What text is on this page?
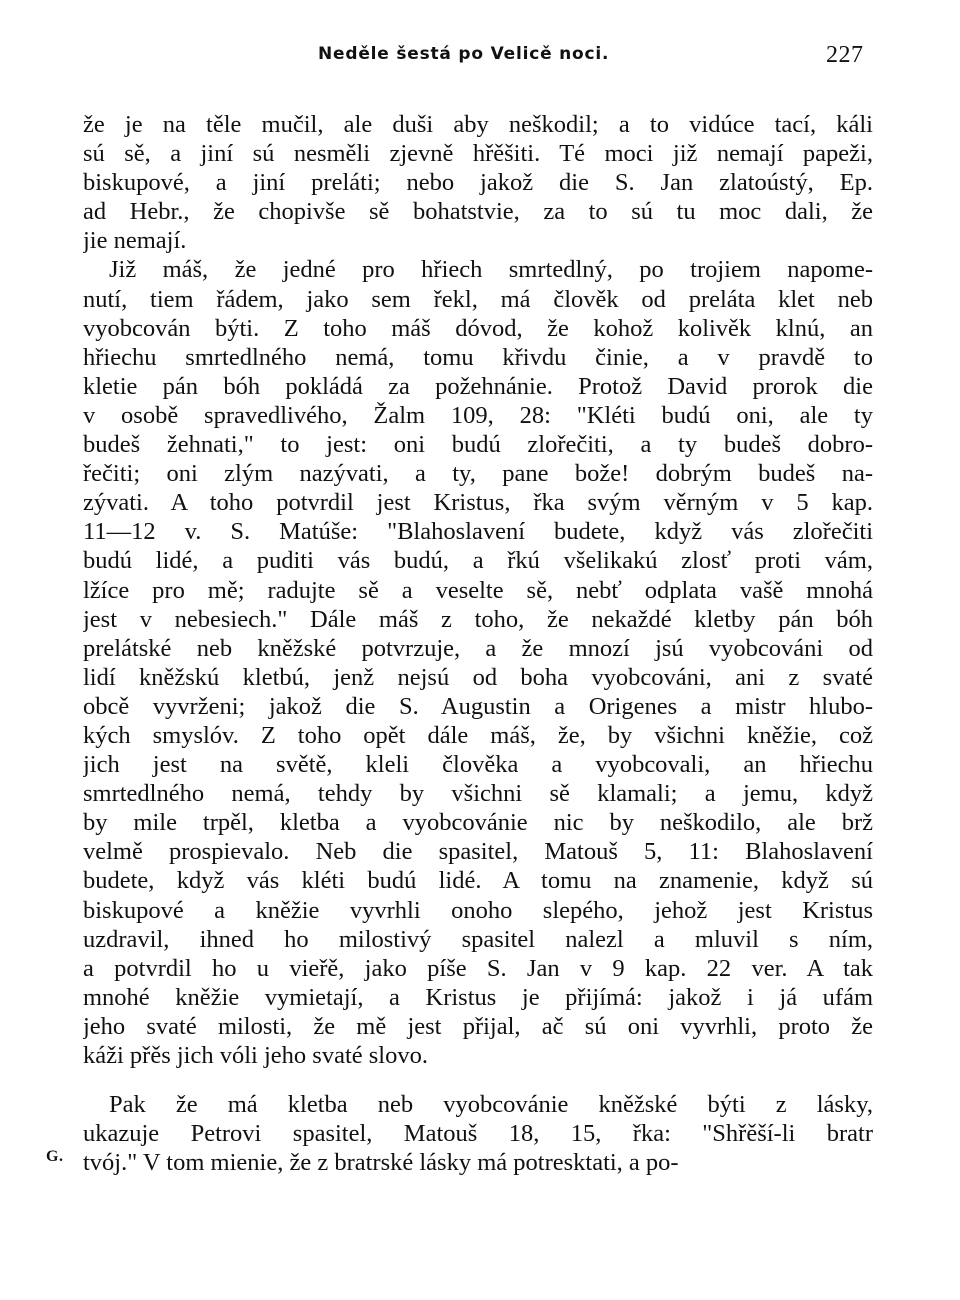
Neděle šestá po Velicě noci.	227
že je na těle mučil, ale duši aby neškodil; a to vidúce tací, káli
sú sě, a jiní sú nesměli zjevně hřěšiti. Té moci již nemají papeži,
biskupové, a jiní preláti; nebo jakož die S. Jan zlatoústý, Ep.
ad Hebr., že chopivše sě bohatstvie, za to sú tu moc dali, že
jie nemají.
Již máš, že jedné pro hřiech smrtedlný, po trojiem napome-
nutí, tiem řádem, jako sem řekl, má člověk od preláta klet neb
vyobcován býti. Z toho máš dóvod, že kohož kolivěk klnú, an
hřiechu smrtedlného nemá, tomu křivdu činie, a v pravdě to
kletie pán bóh pokládá za požehnánie. Protož David prorok die
v osobě spravedlivého, Žalm 109, 28: "Kléti budú oni, ale ty
budeš žehnati," to jest: oni budú zlořečiti, a ty budeš dobro-
řečiti; oni zlým nazývati, a ty, pane bože! dobrým budeš na-
zývati. A toho potvrdil jest Kristus, řka svým věrným v 5 kap.
11—12 v. S. Matúše: "Blahoslavení budete, když vás zlořečiti
budú lidé, a puditi vás budú, a řkú všelikakú zlosť proti vám,
lžíce pro mě; radujte sě a veselte sě, nebť odplata vašě mnohá
jest v nebesiech." Dále máš z toho, že nekaždé kletby pán bóh
prelátské neb kněžské potvrzuje, a že mnozí jsú vyobcováni od
lidí kněžskú kletbú, jenž nejsú od boha vyobcováni, ani z svaté
obcě vyvrženi; jakož die S. Augustin a Origenes a mistr hlubo-
kých smyslóv. Z toho opět dále máš, že, by všichni kněžie, což
jich jest na světě, kleli člověka a vyobcovali, an hřiechu
smrtedlného nemá, tehdy by všichni sě klamali; a jemu, když
by mile trpěl, kletba a vyobcovánie nic by neškodilo, ale brž
velmě prospievalo. Neb die spasitel, Matouš 5, 11: Blahoslavení
budete, když vás kléti budú lidé. A tomu na znamenie, když sú
biskupové a kněžie vyvrhli onoho slepého, jehož jest Kristus
uzdravil, ihned ho milostivý spasitel nalezl a mluvil s ním,
a potvrdil ho u vieřě, jako píše S. Jan v 9 kap. 22 ver. A tak
mnohé kněžie vymietají, a Kristus je přijímá: jakož i já ufám
jeho svaté milosti, že mě jest přijal, ač sú oni vyvrhli, proto že
káži přěs jich vóli jeho svaté slovo.
Pak že má kletba neb vyobcovánie kněžské býti z lásky,
ukazuje Petrovi spasitel, Matouš 18, 15, řka: "Shřěší-li bratr
tvój." V tom mienie, že z bratrské lásky má potresktati, a po-
G.
